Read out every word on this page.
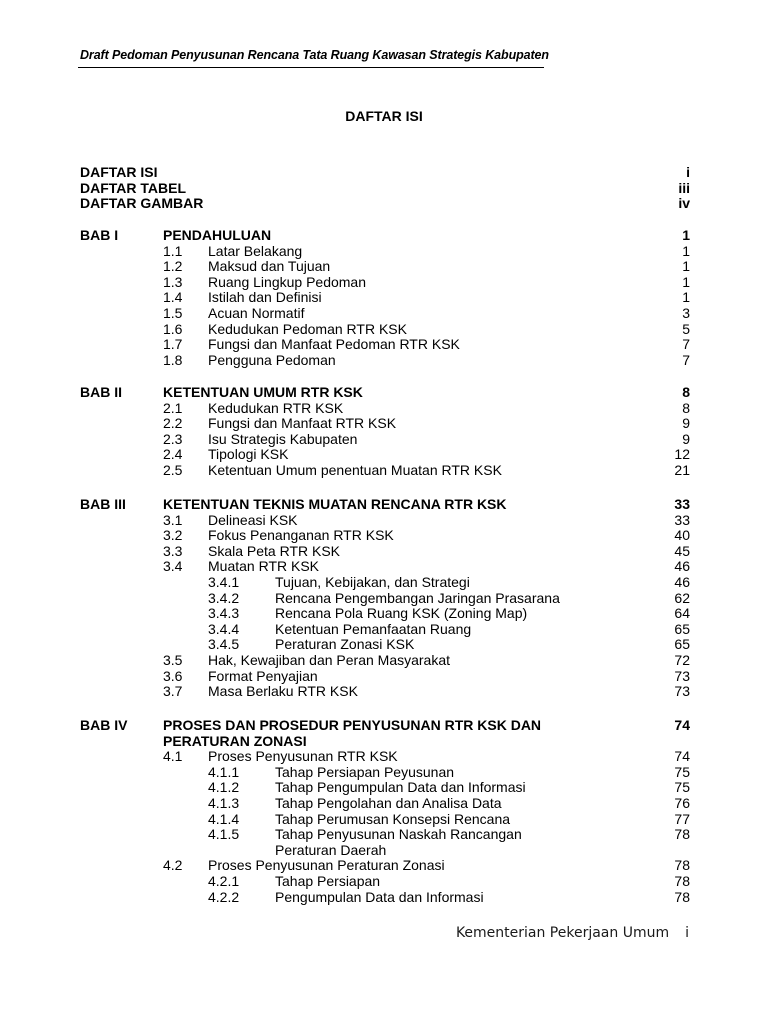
Draft Pedoman Penyusunan Rencana Tata Ruang Kawasan Strategis Kabupaten
DAFTAR ISI
DAFTAR ISI	i
DAFTAR TABEL	iii
DAFTAR GAMBAR	iv
BAB I	PENDAHULUAN	1
1.1 Latar Belakang	1
1.2 Maksud dan Tujuan	1
1.3 Ruang Lingkup Pedoman	1
1.4 Istilah dan Definisi	1
1.5 Acuan Normatif	3
1.6 Kedudukan Pedoman RTR KSK	5
1.7 Fungsi dan Manfaat Pedoman RTR KSK	7
1.8 Pengguna Pedoman	7
BAB II	KETENTUAN UMUM RTR KSK	8
2.1 Kedudukan RTR KSK	8
2.2 Fungsi dan Manfaat RTR KSK	9
2.3 Isu Strategis Kabupaten	9
2.4 Tipologi KSK	12
2.5 Ketentuan Umum penentuan Muatan RTR KSK	21
BAB III	KETENTUAN TEKNIS MUATAN RENCANA RTR KSK	33
3.1 Delineasi KSK	33
3.2 Fokus Penanganan RTR KSK	40
3.3 Skala Peta RTR KSK	45
3.4 Muatan RTR KSK	46
3.4.1	Tujuan, Kebijakan, dan Strategi	46
3.4.2	Rencana Pengembangan Jaringan Prasarana	62
3.4.3	Rencana Pola Ruang KSK (Zoning Map)	64
3.4.4	Ketentuan Pemanfaatan Ruang	65
3.4.5	Peraturan Zonasi KSK	65
3.5 Hak, Kewajiban dan Peran Masyarakat	72
3.6 Format Penyajian	73
3.7 Masa Berlaku RTR KSK	73
BAB IV	PROSES DAN PROSEDUR PENYUSUNAN RTR KSK DAN	74
PERATURAN ZONASI
4.1 Proses Penyusunan RTR KSK	74
4.1.1	Tahap Persiapan Peyusunan	75
4.1.2	Tahap Pengumpulan Data dan Informasi	75
4.1.3	Tahap Pengolahan dan Analisa Data	76
4.1.4	Tahap Perumusan Konsepsi Rencana	77
4.1.5	Tahap Penyusunan Naskah Rancangan	78
Peraturan Daerah
4.2 Proses Penyusunan Peraturan Zonasi	78
4.2.1	Tahap Persiapan	78
4.2.2	Pengumpulan Data dan Informasi	78
Kementerian Pekerjaan Umum i
